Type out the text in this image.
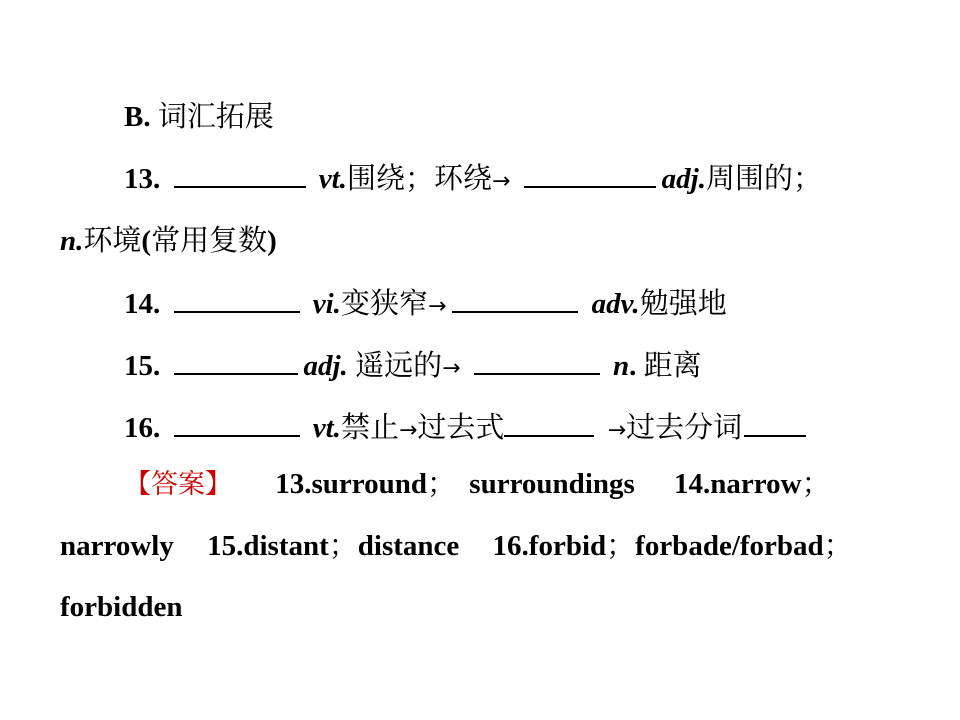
B. 词汇拓展
13.	vt.围绕；环绕→	adj.周围的；
n.环境(常用复数)
14.	vi.变狭窄→	adv.勉强地
15.	adj. 遥远的→	n. 距离
16.	vt.禁止→过去式	→过去分词
【答案】 13.surround； surroundings 14.narrow；
narrowly 15.distant；distance 16.forbid；forbade/forbad；
forbidden
